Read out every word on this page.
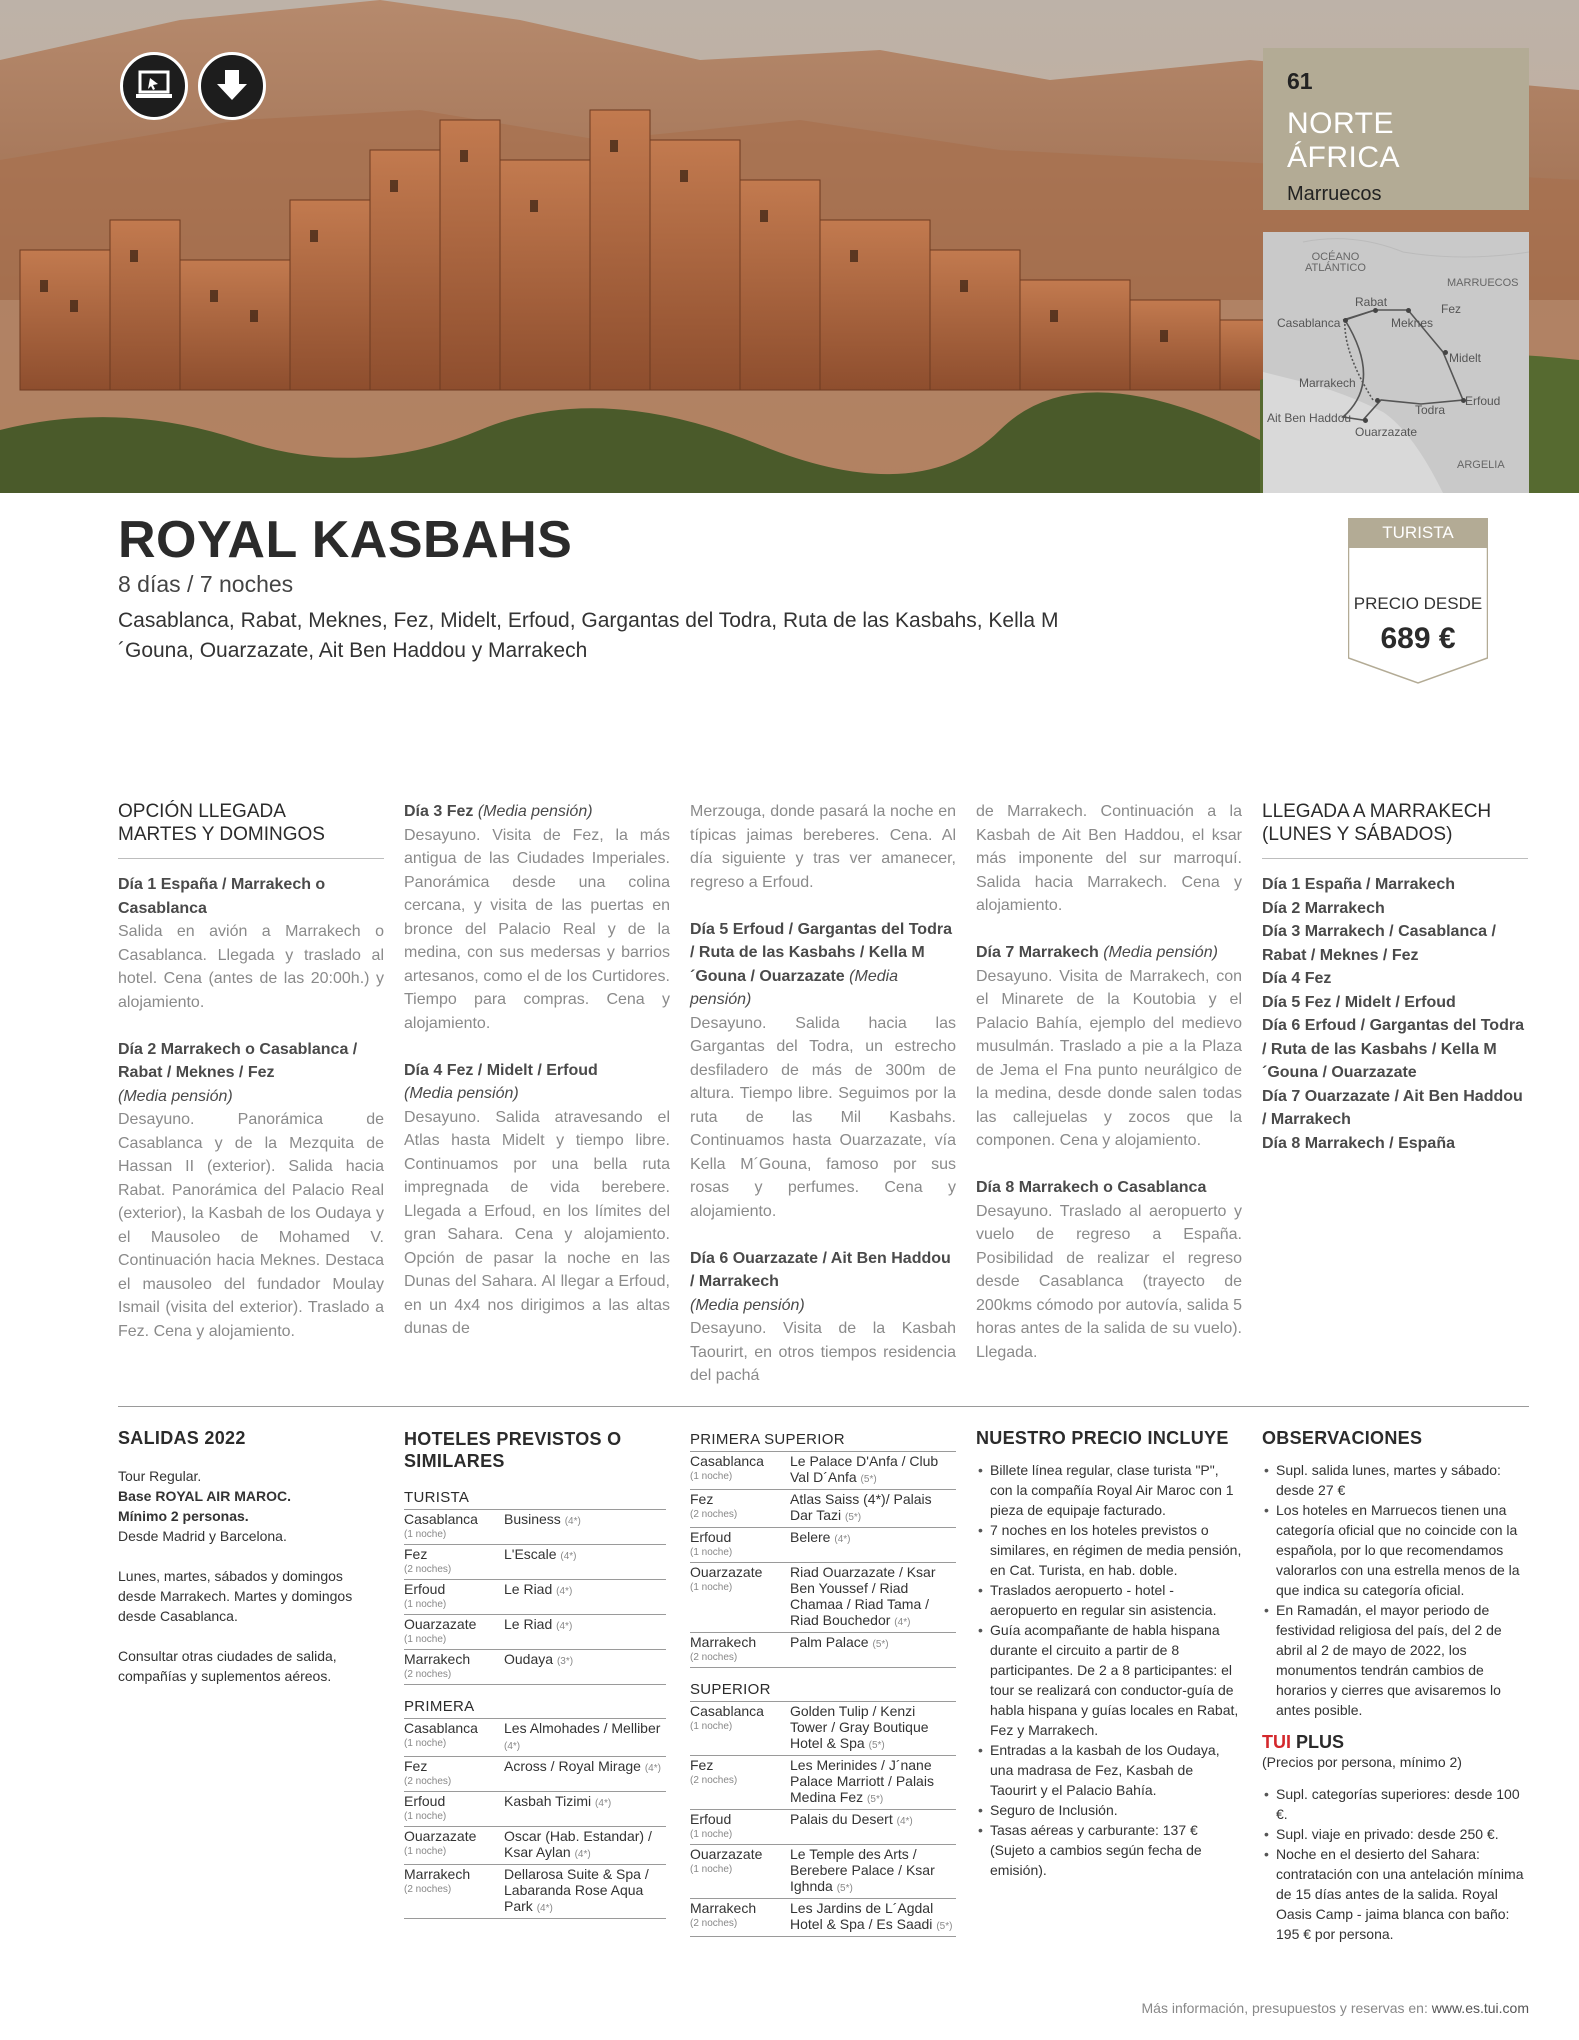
61
NORTE ÁFRICA
Marruecos
OCÉANO
ATLÁNTICO
MARRUECOS
ARGELIA
Rabat	Fez
Casablanca	Meknes
Midelt
Marrakech
Todra
Erfoud
Ait Ben Haddou
Ouarzazate
ROYAL KASBAHS
8 días / 7 noches
Casablanca, Rabat, Meknes, Fez, Midelt, Erfoud, Gargantas del Todra, Ruta de las Kasbahs, Kella M´Gouna, Ouarzazate, Ait Ben Haddou y Marrakech
TURISTA
PRECIO DESDE
689 €
OPCIÓN LLEGADA
MARTES Y DOMINGOS

Día 1 España / Marrakech o Casablanca

Salida en avión a Marrakech o Casablanca. Llegada y traslado al hotel. Cena (antes de las 20:00h.) y alojamiento.

Día 2 Marrakech o Casablanca / Rabat / Meknes / Fez

(Media pensión)

Desayuno. Panorámica de Casablanca y de la Mezquita de Hassan II (exterior). Salida hacia Rabat. Panorámica del Palacio Real (exterior), la Kasbah de los Oudaya y el Mausoleo de Mohamed V. Continuación hacia Meknes. Destaca el mausoleo del fundador Moulay Ismail (visita del exterior). Traslado a Fez. Cena y alojamiento.

Día 3 Fez (Media pensión)

Desayuno. Visita de Fez, la más antigua de las Ciudades Imperiales. Panorámica desde una colina cercana, y visita de las puertas en bronce del Palacio Real y de la medina, con sus medersas y barrios artesanos, como el de los Curtidores. Tiempo para compras. Cena y alojamiento.

Día 4 Fez / Midelt / Erfoud

(Media pensión)

Desayuno. Salida atravesando el Atlas hasta Midelt y tiempo libre. Continuamos por una bella ruta impregnada de vida berebere. Llegada a Erfoud, en los límites del gran Sahara. Cena y alojamiento. Opción de pasar la noche en las Dunas del Sahara. Al llegar a Erfoud, en un 4x4 nos dirigimos a las altas dunas de

Merzouga, donde pasará la noche en típicas jaimas bereberes. Cena. Al día siguiente y tras ver amanecer, regreso a Erfoud.

Día 5 Erfoud / Gargantas del Todra / Ruta de las Kasbahs / Kella M´Gouna / Ouarzazate (Media pensión)

Desayuno. Salida hacia las Gargantas del Todra, un estrecho desfiladero de más de 300m de altura. Tiempo libre. Seguimos por la ruta de las Mil Kasbahs. Continuamos hasta Ouarzazate, vía Kella M´Gouna, famoso por sus rosas y perfumes. Cena y alojamiento.

Día 6 Ouarzazate / Ait Ben Haddou / Marrakech

(Media pensión)

Desayuno. Visita de la Kasbah Taourirt, en otros tiempos residencia del pachá

de Marrakech. Continuación a la Kasbah de Ait Ben Haddou, el ksar más imponente del sur marroquí. Salida hacia Marrakech. Cena y alojamiento.

Día 7 Marrakech (Media pensión)

Desayuno. Visita de Marrakech, con el Minarete de la Koutobia y el Palacio Bahía, ejemplo del medievo musulmán. Traslado a pie a la Plaza de Jema el Fna punto neurálgico de la medina, desde donde salen todas las callejuelas y zocos que la componen. Cena y alojamiento.

Día 8 Marrakech o Casablanca

Desayuno. Traslado al aeropuerto y vuelo de regreso a España. Posibilidad de realizar el regreso desde Casablanca (trayecto de 200kms cómodo por autovía, salida 5 horas antes de la salida de su vuelo). Llegada.

LLEGADA A MARRAKECH
(LUNES Y SÁBADOS)

Día 1 España / Marrakech

Día 2 Marrakech

Día 3 Marrakech / Casablanca / Rabat / Meknes / Fez

Día 4 Fez

Día 5 Fez / Midelt / Erfoud

Día 6 Erfoud / Gargantas del Todra / Ruta de las Kasbahs / Kella M´Gouna / Ouarzazate

Día 7 Ouarzazate / Ait Ben Haddou / Marrakech

Día 8 Marrakech / España

SALIDAS 2022

Tour Regular.

Base ROYAL AIR MAROC.

Mínimo 2 personas.

Desde Madrid y Barcelona.

Lunes, martes, sábados y domingos desde Marrakech. Martes y domingos desde Casablanca.

Consultar otras ciudades de salida, compañías y suplementos aéreos.

HOTELES PREVISTOS O SIMILARES
TURISTA
Casablanca
(1 noche)	Business (4*)

Fez
(2 noches)	L'Escale (4*)

Erfoud
(1 noche)	Le Riad (4*)

Ouarzazate
(1 noche)	Le Riad (4*)

Marrakech
(2 noches)	Oudaya (3*)
PRIMERA
Casablanca
(1 noche)	Les Almohades / Melliber (4*)

Fez
(2 noches)	Across / Royal Mirage (4*)

Erfoud
(1 noche)	Kasbah Tizimi (4*)

Ouarzazate
(1 noche)	Oscar (Hab. Estandar) / Ksar Aylan (4*)

Marrakech
(2 noches)	Dellarosa Suite & Spa / Labaranda Rose Aqua Park (4*)
PRIMERA SUPERIOR
Casablanca
(1 noche)	Le Palace D'Anfa / Club Val D´Anfa (5*)

Fez
(2 noches)	Atlas Saiss (4*)/ Palais Dar Tazi (5*)

Erfoud
(1 noche)	Belere (4*)

Ouarzazate
(1 noche)	Riad Ouarzazate / Ksar Ben Youssef / Riad Chamaa / Riad Tama / Riad Bouchedor (4*)

Marrakech
(2 noches)	Palm Palace (5*)
SUPERIOR
Casablanca
(1 noche)	Golden Tulip / Kenzi Tower / Gray Boutique Hotel & Spa (5*)

Fez
(2 noches)	Les Merinides / J´nane Palace Marriott / Palais Medina Fez (5*)

Erfoud
(1 noche)	Palais du Desert (4*)

Ouarzazate
(1 noche)	Le Temple des Arts / Berebere Palace / Ksar Ighnda (5*)

Marrakech
(2 noches)	Les Jardins de L´Agdal Hotel & Spa / Es Saadi (5*)
NUESTRO PRECIO INCLUYE
• Billete línea regular, clase turista "P", con la compañía Royal Air Maroc con 1 pieza de equipaje facturado.
• 7 noches en los hoteles previstos o similares, en régimen de media pensión, en Cat. Turista, en hab. doble.
• Traslados aeropuerto - hotel - aeropuerto en regular sin asistencia.
• Guía acompañante de habla hispana durante el circuito a partir de 8 participantes. De 2 a 8 participantes: el tour se realizará con conductor-guía de habla hispana y guías locales en Rabat, Fez y Marrakech.
• Entradas a la kasbah de los Oudaya, una madrasa de Fez, Kasbah de Taourirt y el Palacio Bahía.
• Seguro de Inclusión.
• Tasas aéreas y carburante: 137 € (Sujeto a cambios según fecha de emisión).
OBSERVACIONES
• Supl. salida lunes, martes y sábado: desde 27 €
• Los hoteles en Marruecos tienen una categoría oficial que no coincide con la española, por lo que recomendamos valorarlos con una estrella menos de la que indica su categoría oficial.
• En Ramadán, el mayor periodo de festividad religiosa del país, del 2 de abril al 2 de mayo de 2022, los monumentos tendrán cambios de horarios y cierres que avisaremos lo antes posible.
TUI PLUS

(Precios por persona, mínimo 2)

• Supl. categorías superiores: desde 100 €.
• Supl. viaje en privado: desde 250 €.
• Noche en el desierto del Sahara: contratación con una antelación mínima de 15 días antes de la salida. Royal Oasis Camp - jaima blanca con baño: 195 € por persona.
Más información, presupuestos y reservas en: www.es.tui.com
